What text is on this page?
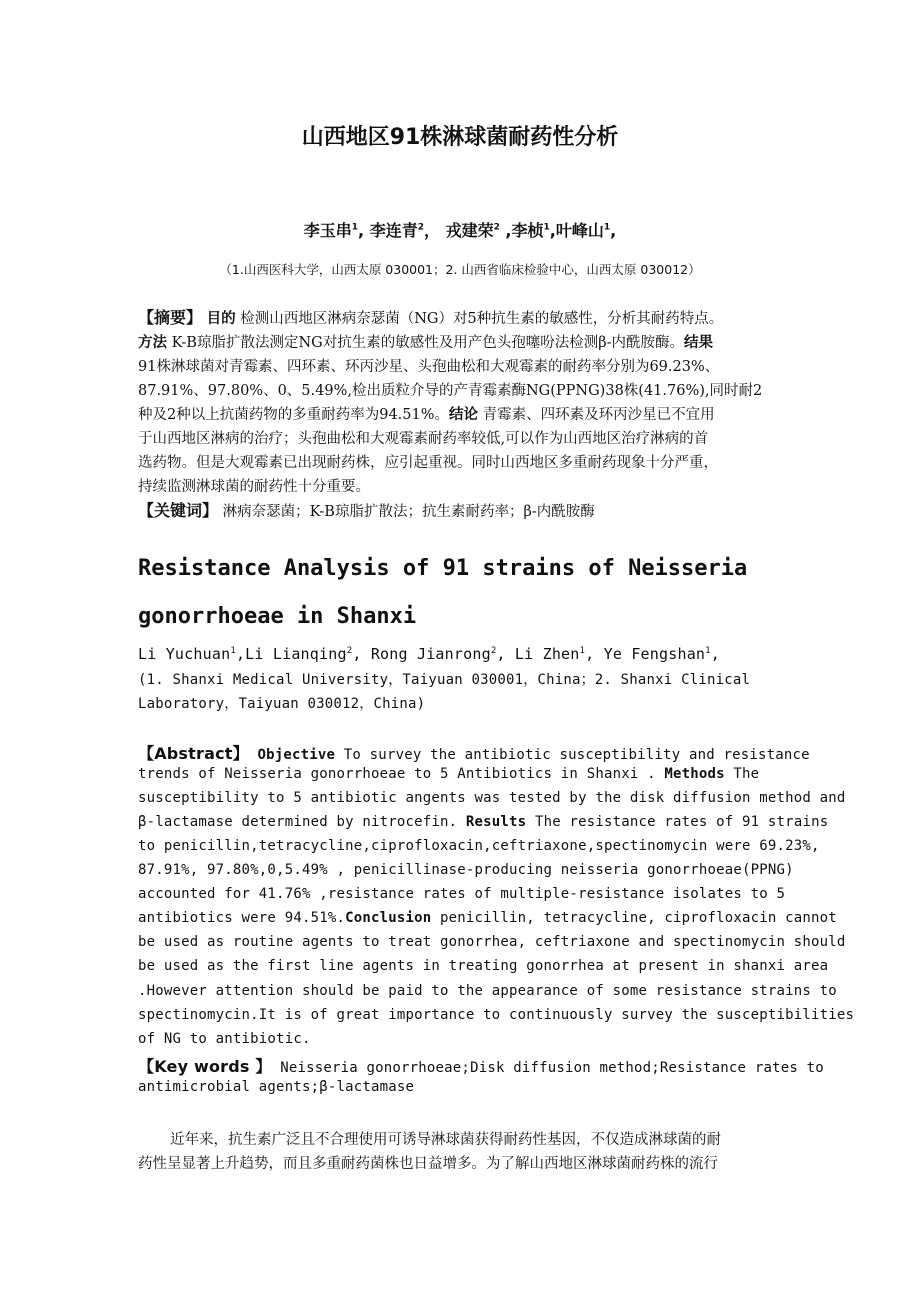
山西地区91株淋球菌耐药性分析
李玉串$^1$, 李连青$^2$， 戎建荣$^2$ ,李桢$^1$,叶峰山$^1$,
（1.山西医科大学，山西太原 030001；2. 山西省临床检验中心，山西太原 030012）
【摘要】 目的 检测山西地区淋病奈瑟菌（NG）对5种抗生素的敏感性，分析其耐药特点。
方法 K-B琼脂扩散法测定NG对抗生素的敏感性及用产色头孢噻吩法检测β-内酰胺酶。结果
91株淋球菌对青霉素、四环素、环丙沙星、头孢曲松和大观霉素的耐药率分别为69.23%、
87.91%、97.80%、0、5.49%,检出质粒介导的产青霉素酶NG(PPNG)38株(41.76%),同时耐2
种及2种以上抗菌药物的多重耐药率为94.51%。结论 青霉素、四环素及环丙沙星已不宜用
于山西地区淋病的治疗；头孢曲松和大观霉素耐药率较低,可以作为山西地区治疗淋病的首
选药物。但是大观霉素已出现耐药株，应引起重视。同时山西地区多重耐药现象十分严重，
持续监测淋球菌的耐药性十分重要。
【关键词】 淋病奈瑟菌；K-B琼脂扩散法；抗生素耐药率；β-内酰胺酶
Resistance Analysis of 91 strains of Neisseria
gonorrhoeae in Shanxi
Li Yuchuan$^1$,Li Lianqing$^2$, Rong Jianrong$^2$, Li Zhen$^1$, Ye Fengshan$^1$,
(1. Shanxi Medical University，Taiyuan 030001，China；2. Shanxi Clinical
Laboratory，Taiyuan 030012，China)
【Abstract】 Objective To survey the antibiotic susceptibility and resistance
trends of Neisseria gonorrhoeae to 5 Antibiotics in Shanxi . Methods The
susceptibility to 5 antibiotic angents was tested by the disk diffusion method and
β-lactamase determined by nitrocefin. Results The resistance rates of 91 strains
to penicillin,tetracycline,ciprofloxacin,ceftriaxone,spectinomycin were 69.23%,
87.91%, 97.80%,0,5.49% , penicillinase-producing neisseria gonorrhoeae(PPNG)
accounted for 41.76% ,resistance rates of multiple-resistance isolates to 5
antibiotics were 94.51%.Conclusion penicillin, tetracycline, ciprofloxacin cannot
be used as routine agents to treat gonorrhea, ceftriaxone and spectinomycin should
be used as the first line agents in treating gonorrhea at present in shanxi area
.However attention should be paid to the appearance of some resistance strains to
spectinomycin.It is of great importance to continuously survey the susceptibilities
of NG to antibiotic.
【Key words 】 Neisseria gonorrhoeae;Disk diffusion method;Resistance rates to
antimicrobial agents;β-lactamase
近年来，抗生素广泛且不合理使用可诱导淋球菌获得耐药性基因，不仅造成淋球菌的耐
药性呈显著上升趋势，而且多重耐药菌株也日益增多。为了解山西地区淋球菌耐药株的流行
